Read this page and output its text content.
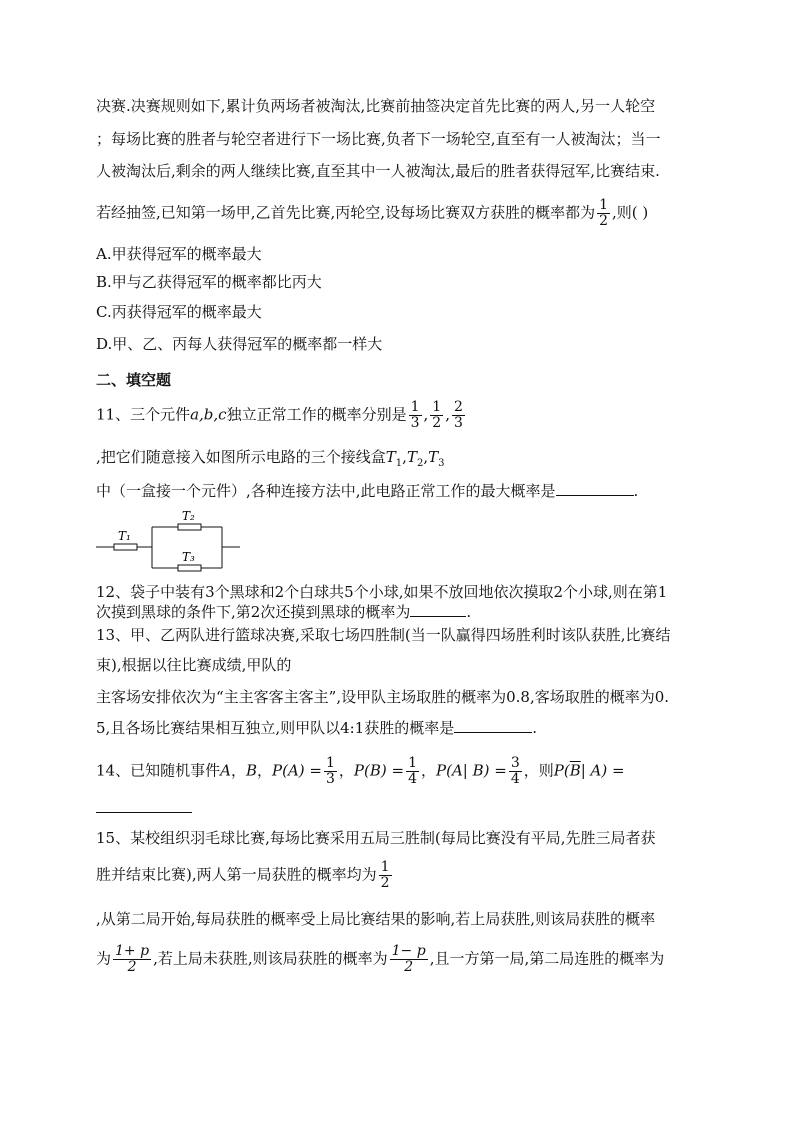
决赛.决赛规则如下,累计负两场者被淘汰,比赛前抽签决定首先比赛的两人,另一人轮空
；每场比赛的胜者与轮空者进行下一场比赛,负者下一场轮空,直至有一人被淘汰；当一
人被淘汰后,剩余的两人继续比赛,直至其中一人被淘汰,最后的胜者获得冠军,比赛结束.
若经抽签,已知第一场甲,乙首先比赛,丙轮空,设每场比赛双方获胜的概率都为 $\frac{1}{2}$ ,则( )
A.甲获得冠军的概率最大
B.甲与乙获得冠军的概率都比丙大
C.丙获得冠军的概率最大
D.甲、乙、丙每人获得冠军的概率都一样大
二、填空题
11、三个元件a,b,c独立正常工作的概率分别是 $\frac{1}{3}$ , $\frac{1}{2}$ , $\frac{2}{3}$
,把它们随意接入如图所示电路的三个接线盒$T_1,T_2,T_3$
中（一盒接一个元件）,各种连接方法中,此电路正常工作的最大概率是	.
T₁
T₂
T₃
12、袋子中装有3个黑球和2个白球共5个小球,如果不放回地依次摸取2个小球,则在第1
次摸到黑球的条件下,第2次还摸到黑球的概率为	.
13、甲、乙两队进行篮球决赛,采取七场四胜制(当一队赢得四场胜利时该队获胜,比赛结
束),根据以往比赛成绩,甲队的
主客场安排依次为“主主客客主客主”,设甲队主场取胜的概率为0.8,客场取胜的概率为0.
5,且各场比赛结果相互独立,则甲队以4:1获胜的概率是	.
14、已知随机事件A，B，$P(A) = \frac{1}{3}$ ，$P(B) = \frac{1}{4}$ ，P(A| $B) = \frac{3}{4}$ ，则$P(\overline{B}|$ A) =
15、某校组织羽毛球比赛,每场比赛采用五局三胜制(每局比赛没有平局,先胜三局者获
胜并结束比赛),两人第一局获胜的概率均为 $\frac{1}{2}$
,从第二局开始,每局获胜的概率受上局比赛结果的影响,若上局获胜,则该局获胜的概率
为 $\frac{1+ p}{2}$ ,若上局未获胜,则该局获胜的概率为 $\frac{1- p}{2}$ ,且一方第一局,第二局连胜的概率为
